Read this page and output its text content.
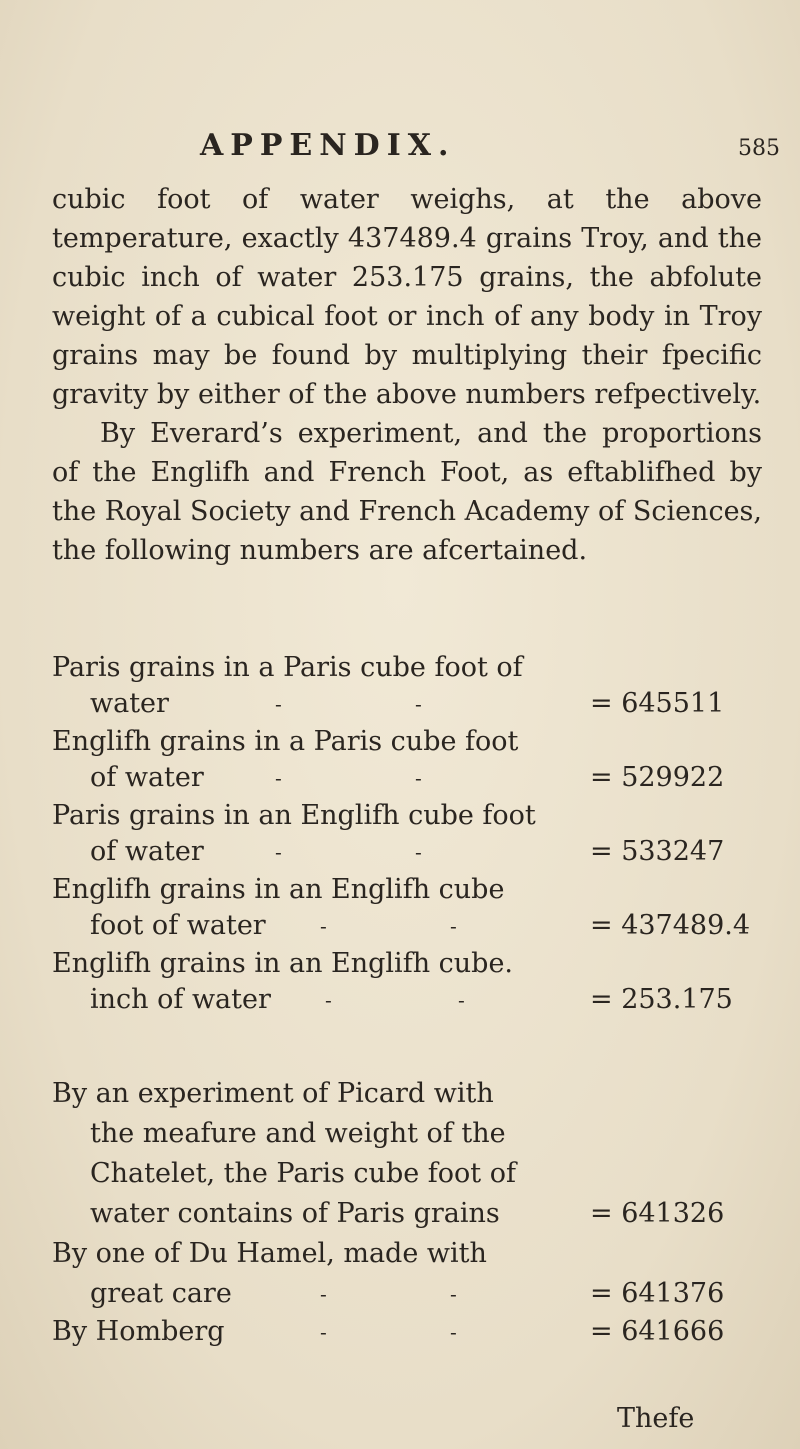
APPENDIX.	585

cubic foot of water weighs, at the above temperature, exactly 437489.4 grains Troy, and the cubic inch of water 253.175 grains, the abfolute weight of a cubical foot or inch of any body in Troy grains may be found by multiplying their fpecific gravity by either of the above numbers refpectively.

By Everard’s experiment, and the proportions of the Englifh and French Foot, as eftablifhed by the Royal Society and French Academy of Sciences, the following numbers are afcertained.

Paris grains in a Paris cube foot of
water	-	-	= 645511
Englifh grains in a Paris cube foot
of water	-	-	= 529922
Paris grains in an Englifh cube foot
of water	-	-	= 533247
Englifh grains in an Englifh cube
foot of water	-	-	= 437489.4
Englifh grains in an Englifh cube.
inch of water	-	-	= 253.175
By an experiment of Picard with
the meafure and weight of the
Chatelet, the Paris cube foot of
water contains of Paris grains	= 641326
By one of Du Hamel, made with
great care	-	-	= 641376
By Homberg	-	-	= 641666
Thefe
